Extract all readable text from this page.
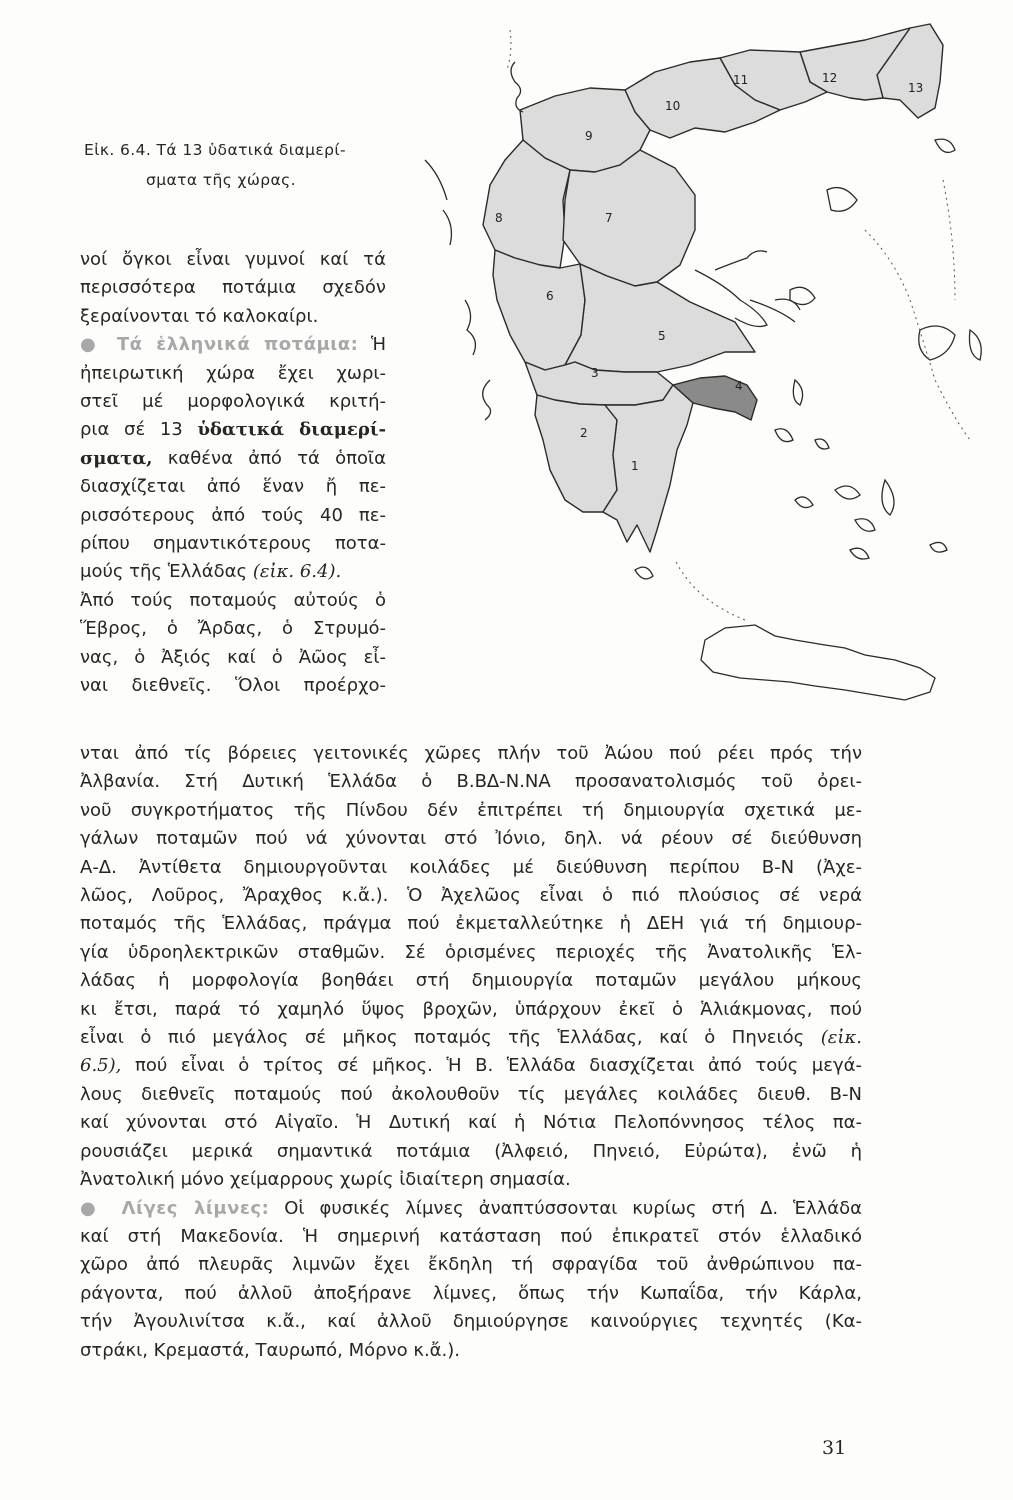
Εἰκ. 6.4. Τά 13 ὑδατικά διαμερί-
σματα τῆς χώρας.
1
2
3
4
5
6
7
8
9
10
11	12
13
νοί ὄγκοι εἶναι γυμνοί καί τά
περισσότερα ποτάμια σχεδόν
ξεραίνονται τό καλοκαίρι.
● Τά ἑλληνικά ποτάμια: Ἡ
ἠπειρωτική χώρα ἔχει χωρι-
στεῖ μέ μορφολογικά κριτή-
ρια σέ 13 ὑδατικά διαμερί-
σματα, καθένα ἀπό τά ὁποῖα
διασχίζεται ἀπό ἕναν ἤ πε-
ρισσότερους ἀπό τούς 40 πε-
ρίπου σημαντικότερους ποτα-
μούς τῆς Ἑλλάδας (εἰκ. 6.4).
Ἀπό τούς ποταμούς αὐτούς ὁ
Ἕβρος, ὁ Ἄρδας, ὁ Στρυμό-
νας, ὁ Ἀξιός καί ὁ Ἀῶος εἶ-
ναι διεθνεῖς. Ὅλοι προέρχο-
νται ἀπό τίς βόρειες γειτονικές χῶρες πλήν τοῦ Ἀώου πού ρέει πρός τήν
Ἀλβανία. Στή Δυτική Ἑλλάδα ὁ Β.ΒΔ-Ν.ΝΑ προσανατολισμός τοῦ ὀρει-
νοῦ συγκροτήματος τῆς Πίνδου δέν ἐπιτρέπει τή δημιουργία σχετικά με-
γάλων ποταμῶν πού νά χύνονται στό Ἰόνιο, δηλ. νά ρέουν σέ διεύθυνση
Α-Δ. Ἀντίθετα δημιουργοῦνται κοιλάδες μέ διεύθυνση περίπου Β-Ν (Ἀχε-
λῶος, Λοῦρος, Ἄραχθος κ.ἄ.). Ὁ Ἀχελῶος εἶναι ὁ πιό πλούσιος σέ νερά
ποταμός τῆς Ἑλλάδας, πράγμα πού ἐκμεταλλεύτηκε ἡ ΔΕΗ γιά τή δημιουρ-
γία ὑδροηλεκτρικῶν σταθμῶν. Σέ ὁρισμένες περιοχές τῆς Ἀνατολικῆς Ἑλ-
λάδας ἡ μορφολογία βοηθάει στή δημιουργία ποταμῶν μεγάλου μήκους
κι ἔτσι, παρά τό χαμηλό ὕψος βροχῶν, ὑπάρχουν ἐκεῖ ὁ Ἁλιάκμονας, πού
εἶναι ὁ πιό μεγάλος σέ μῆκος ποταμός τῆς Ἑλλάδας, καί ὁ Πηνειός (εἰκ.
6.5), πού εἶναι ὁ τρίτος σέ μῆκος. Ἡ Β. Ἑλλάδα διασχίζεται ἀπό τούς μεγά-
λους διεθνεῖς ποταμούς πού ἀκολουθοῦν τίς μεγάλες κοιλάδες διευθ. Β-Ν
καί χύνονται στό Αἰγαῖο. Ἡ Δυτική καί ἡ Νότια Πελοπόννησος τέλος πα-
ρουσιάζει μερικά σημαντικά ποτάμια (Ἀλφειό, Πηνειό, Εὐρώτα), ἐνῶ ἡ
Ἀνατολική μόνο χείμαρρους χωρίς ἰδιαίτερη σημασία.
● Λίγες λίμνες: Οἱ φυσικές λίμνες ἀναπτύσσονται κυρίως στή Δ. Ἑλλάδα
καί στή Μακεδονία. Ἡ σημερινή κατάσταση πού ἐπικρατεῖ στόν ἑλλαδικό
χῶρο ἀπό πλευρᾶς λιμνῶν ἔχει ἔκδηλη τή σφραγίδα τοῦ ἀνθρώπινου πα-
ράγοντα, πού ἀλλοῦ ἀποξήρανε λίμνες, ὅπως τήν Κωπαΐδα, τήν Κάρλα,
τήν Ἀγουλινίτσα κ.ἄ., καί ἀλλοῦ δημιούργησε καινούργιες τεχνητές (Κα-
στράκι, Κρεμαστά, Ταυρωπό, Μόρνο κ.ἄ.).
31
